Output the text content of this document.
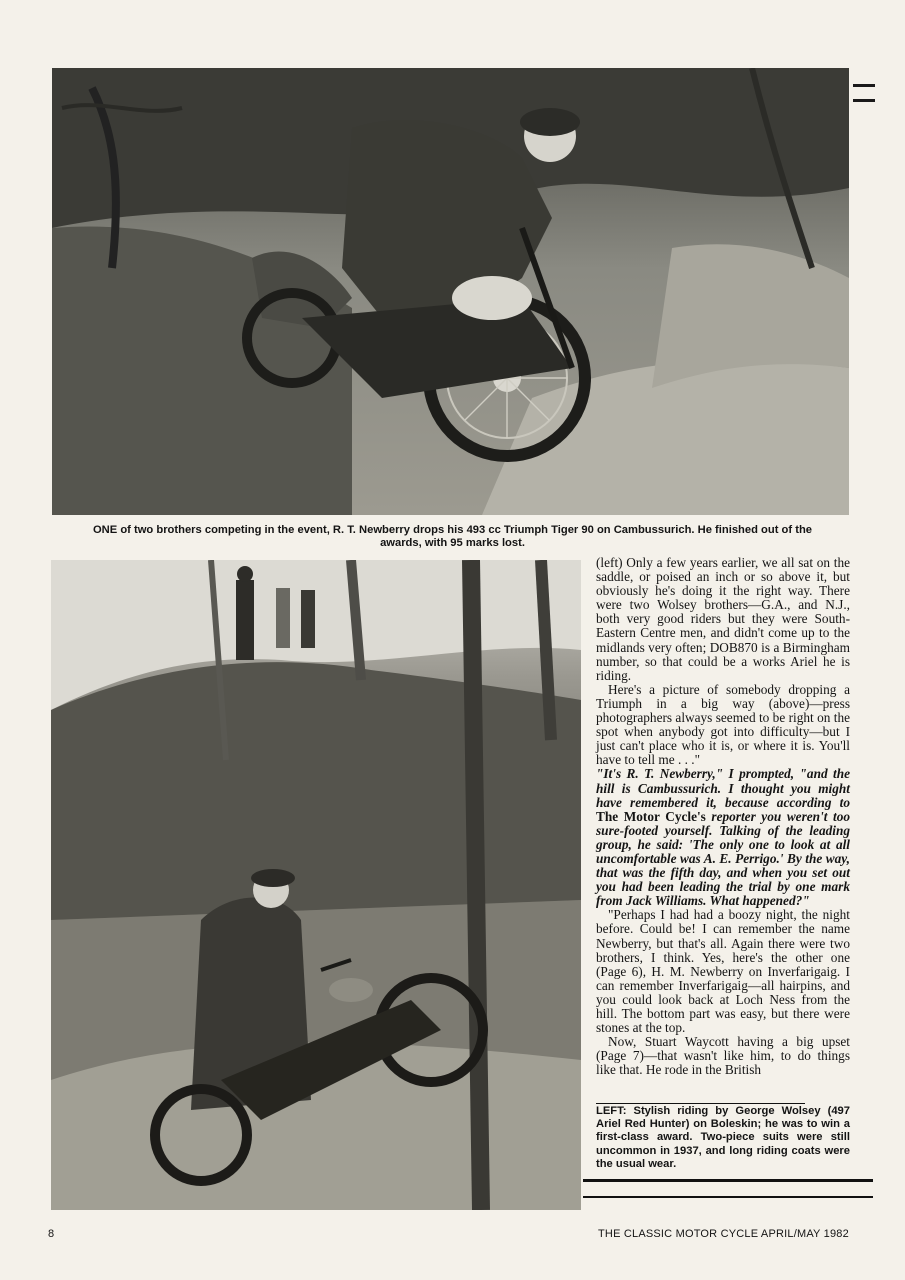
ONE of two brothers competing in the event, R. T. Newberry drops his 493 cc Triumph Tiger 90 on Cambussurich. He finished out of the awards, with 95 marks lost.

(left) Only a few years earlier, we all sat on the saddle, or poised an inch or so above it, but obviously he's doing it the right way. There were two Wolsey brothers—G.A., and N.J., both very good riders but they were South-Eastern Centre men, and didn't come up to the midlands very often; DOB870 is a Birmingham number, so that could be a works Ariel he is riding.

Here's a picture of somebody dropping a Triumph in a big way (above)—press photographers always seemed to be right on the spot when anybody got into difficulty—but I just can't place who it is, or where it is. You'll have to tell me . . ."

"It's R. T. Newberry," I prompted, "and the hill is Cambussurich. I thought you might have remembered it, because according to The Motor Cycle's reporter you weren't too sure-footed yourself. Talking of the leading group, he said: 'The only one to look at all uncomfortable was A. E. Perrigo.' By the way, that was the fifth day, and when you set out you had been leading the trial by one mark from Jack Williams. What happened?"

"Perhaps I had had a boozy night, the night before. Could be! I can remember the name Newberry, but that's all. Again there were two brothers, I think. Yes, here's the other one (Page 6), H. M. Newberry on Inverfarigaig. I can remember Inverfarigaig—all hairpins, and you could look back at Loch Ness from the hill. The bottom part was easy, but there were stones at the top.

Now, Stuart Waycott having a big upset (Page 7)—that wasn't like him, to do things like that. He rode in the British

LEFT: Stylish riding by George Wolsey (497 Ariel Red Hunter) on Boleskin; he was to win a first-class award. Two-piece suits were still uncommon in 1937, and long riding coats were the usual wear.
8	THE CLASSIC MOTOR CYCLE APRIL/MAY 1982
